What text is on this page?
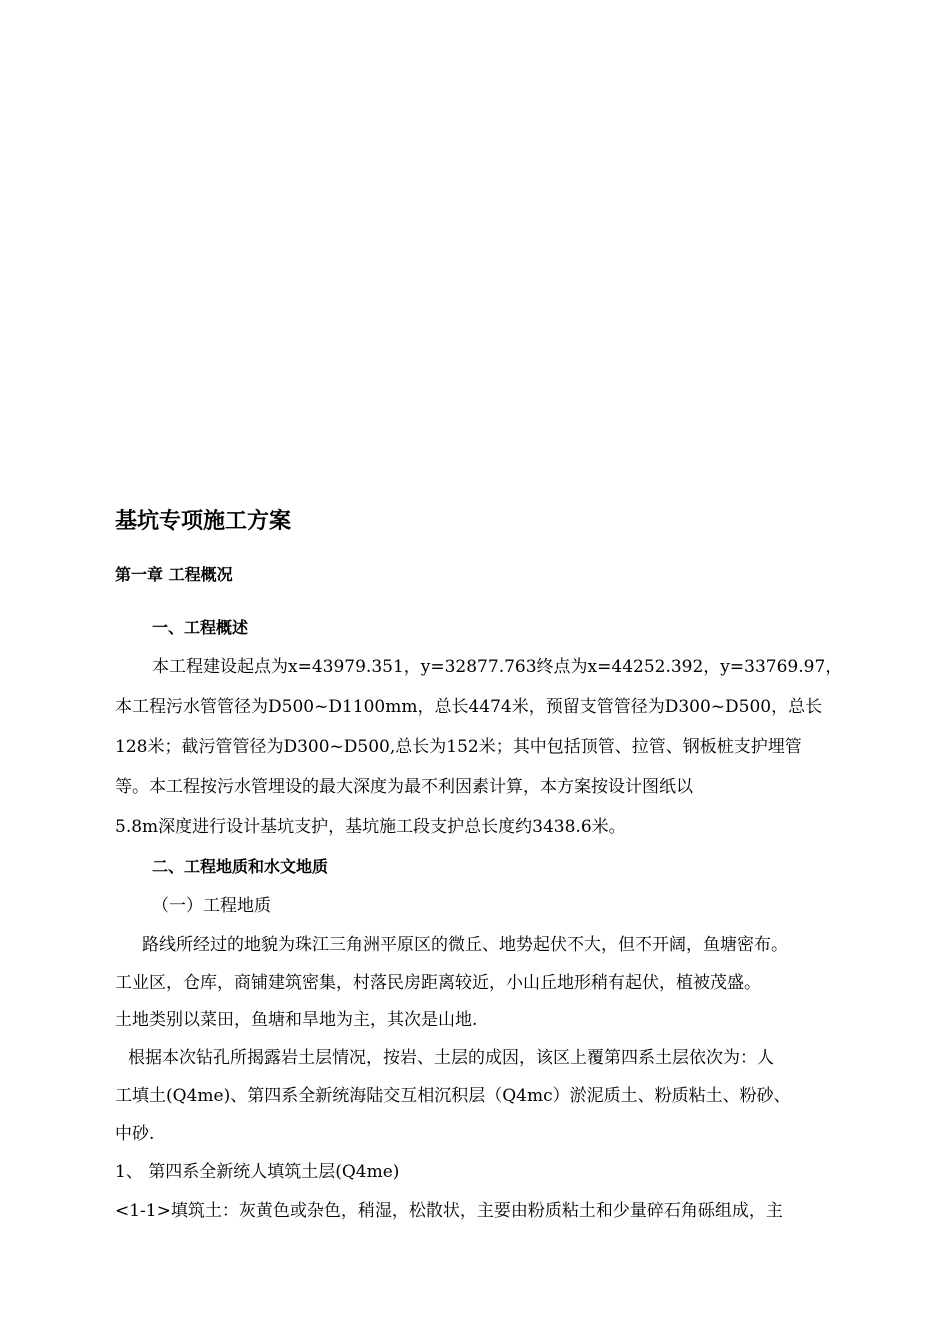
基坑专项施工方案
第一章 工程概况
一、工程概述
本工程建设起点为x=43979.351，y=32877.763终点为x=44252.392，y=33769.97，
本工程污水管管径为D500~D1100mm，总长4474米，预留支管管径为D300~D500，总长
128米；截污管管径为D300~D500,总长为152米；其中包括顶管、拉管、钢板桩支护埋管
等。本工程按污水管埋设的最大深度为最不利因素计算，本方案按设计图纸以
5.8m深度进行设计基坑支护，基坑施工段支护总长度约3438.6米。
二、工程地质和水文地质
（一）工程地质
路线所经过的地貌为珠江三角洲平原区的微丘、地势起伏不大，但不开阔，鱼塘密布。
工业区，仓库，商铺建筑密集，村落民房距离较近，小山丘地形稍有起伏，植被茂盛。
土地类别以菜田，鱼塘和旱地为主，其次是山地.
根据本次钻孔所揭露岩土层情况，按岩、土层的成因，该区上覆第四系土层依次为：人
工填土(Q4me)、第四系全新统海陆交互相沉积层（Q4mc）淤泥质土、粉质粘土、粉砂、
中砂.
1、 第四系全新统人填筑土层(Q4me)
<1-1>填筑土：灰黄色或杂色，稍湿，松散状，主要由粉质粘土和少量碎石角砾组成，主
